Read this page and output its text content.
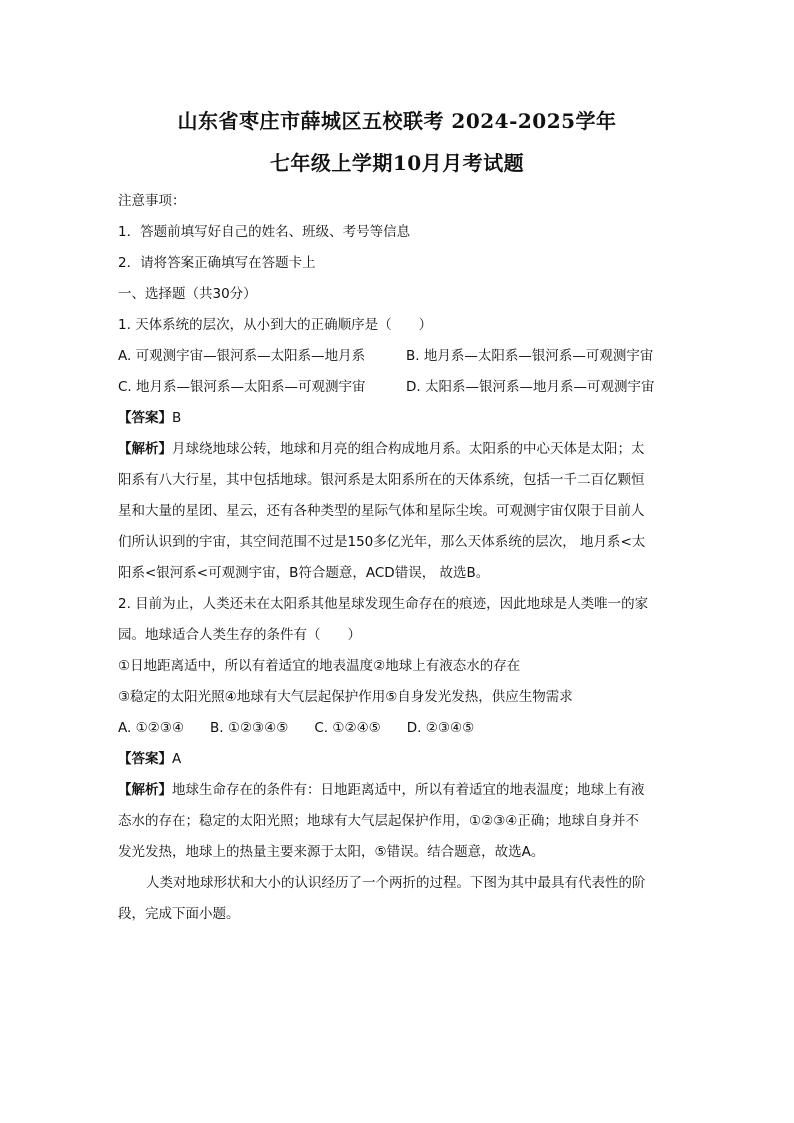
山东省枣庄市薛城区五校联考 2024-2025学年
七年级上学期10月月考试题
注意事项：
1．答题前填写好自己的姓名、班级、考号等信息
2．请将答案正确填写在答题卡上
一、选择题（共30分）
1. 天体系统的层次，从小到大的正确顺序是（　　）
A. 可观测宇宙—银河系—太阳系—地月系	B. 地月系—太阳系—银河系—可观测宇宙
C. 地月系—银河系—太阳系—可观测宇宙	D. 太阳系—银河系—地月系—可观测宇宙
【答案】B
【解析】月球绕地球公转，地球和月亮的组合构成地月系。太阳系的中心天体是太阳；太
阳系有八大行星，其中包括地球。银河系是太阳系所在的天体系统，包括一千二百亿颗恒
星和大量的星团、星云，还有各种类型的星际气体和星际尘埃。可观测宇宙仅限于目前人
们所认识到的宇宙，其空间范围不过是150多亿光年，那么天体系统的层次， 地月系<太
阳系<银河系<可观测宇宙，B符合题意，ACD错误， 故选B。
2. 目前为止，人类还未在太阳系其他星球发现生命存在的痕迹，因此地球是人类唯一的家
园。地球适合人类生存的条件有（　　）
①日地距离适中，所以有着适宜的地表温度②地球上有液态水的存在
③稳定的太阳光照④地球有大气层起保护作用⑤自身发光发热，供应生物需求
A. ①②③④ B. ①②③④⑤ C. ①②④⑤ D. ②③④⑤
【答案】A
【解析】地球生命存在的条件有：日地距离适中，所以有着适宜的地表温度；地球上有液
态水的存在；稳定的太阳光照；地球有大气层起保护作用，①②③④正确；地球自身并不
发光发热，地球上的热量主要来源于太阳，⑤错误。结合题意，故选A。
人类对地球形状和大小的认识经历了一个两折的过程。下图为其中最具有代表性的阶
段，完成下面小题。
